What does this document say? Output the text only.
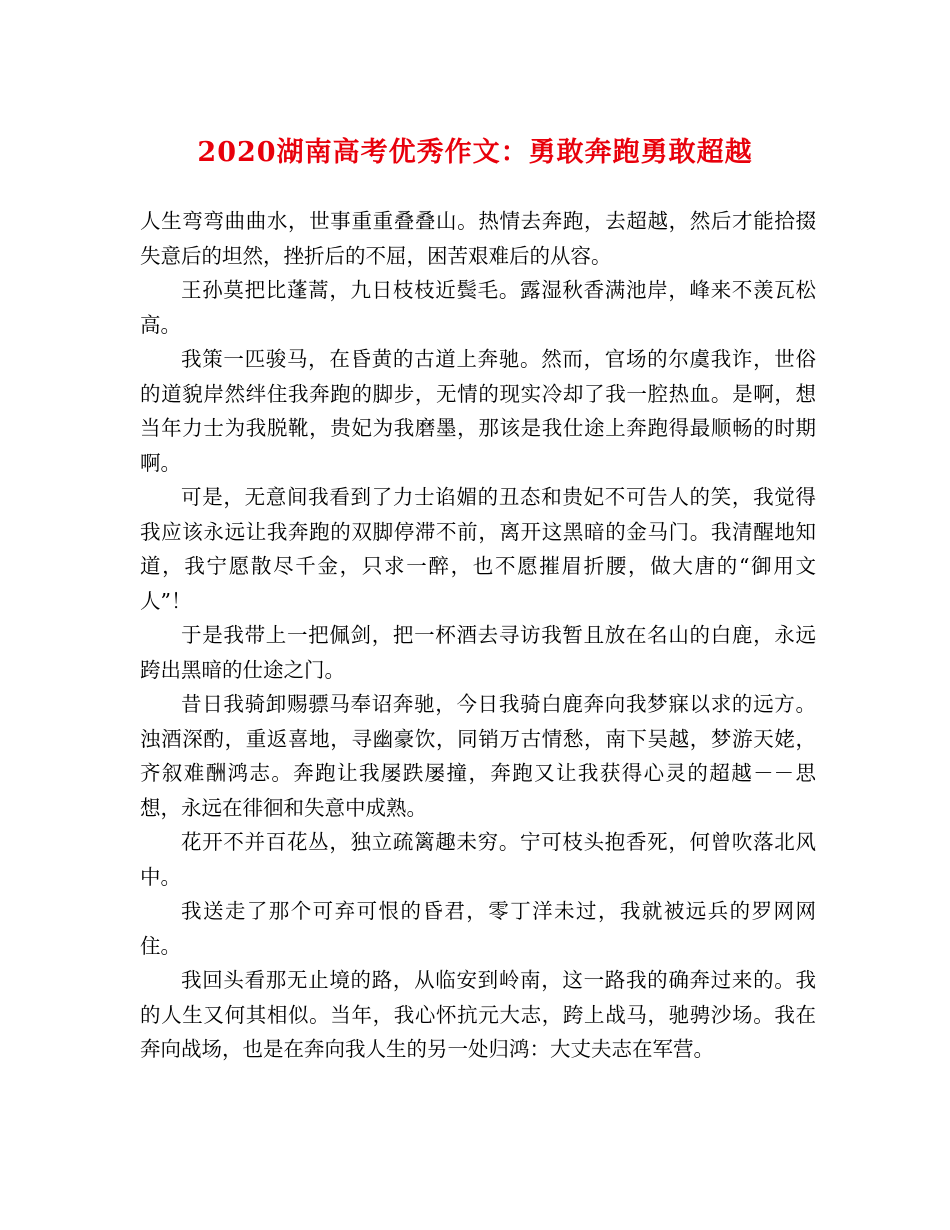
2020湖南高考优秀作文：勇敢奔跑勇敢超越

人生弯弯曲曲水，世事重重叠叠山。热情去奔跑，去超越，然后才能拾掇失意后的坦然，挫折后的不屈，困苦艰难后的从容。

王孙莫把比蓬蒿，九日枝枝近鬓毛。露湿秋香满池岸，峰来不羡瓦松高。

我策一匹骏马，在昏黄的古道上奔驰。然而，官场的尔虞我诈，世俗的道貌岸然绊住我奔跑的脚步，无情的现实冷却了我一腔热血。是啊，想当年力士为我脱靴，贵妃为我磨墨，那该是我仕途上奔跑得最顺畅的时期啊。

可是，无意间我看到了力士谄媚的丑态和贵妃不可告人的笑，我觉得我应该永远让我奔跑的双脚停滞不前，离开这黑暗的金马门。我清醒地知道，我宁愿散尽千金，只求一醉，也不愿摧眉折腰，做大唐的“御用文人”！

于是我带上一把佩剑，把一杯酒去寻访我暂且放在名山的白鹿，永远跨出黑暗的仕途之门。

昔日我骑卸赐骠马奉诏奔驰，今日我骑白鹿奔向我梦寐以求的远方。浊酒深酌，重返喜地，寻幽豪饮，同销万古情愁，南下吴越，梦游天姥，齐叙难酬鸿志。奔跑让我屡跌屡撞，奔跑又让我获得心灵的超越－－思想，永远在徘徊和失意中成熟。

花开不并百花丛，独立疏篱趣未穷。宁可枝头抱香死，何曾吹落北风中。

我送走了那个可弃可恨的昏君，零丁洋未过，我就被远兵的罗网网住。

我回头看那无止境的路，从临安到岭南，这一路我的确奔过来的。我的人生又何其相似。当年，我心怀抗元大志，跨上战马，驰骋沙场。我在奔向战场，也是在奔向我人生的另一处归鸿：大丈夫志在军营。
